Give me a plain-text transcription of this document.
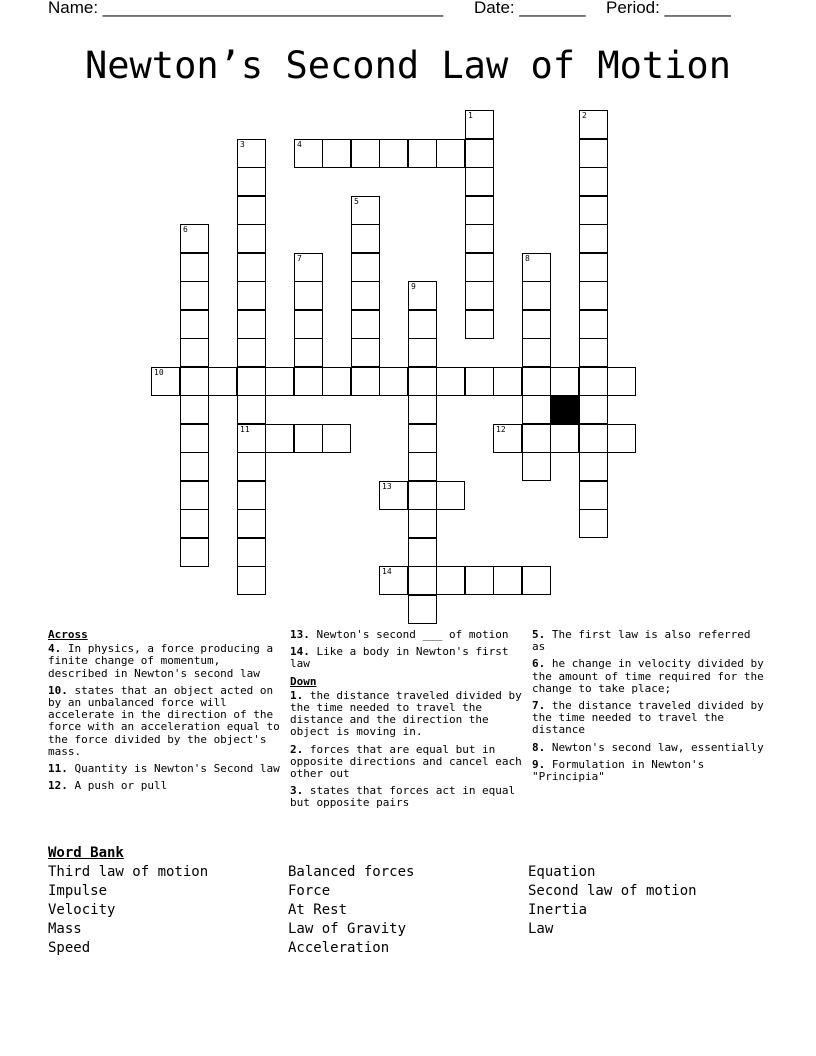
Name: ____________________________________ Date: _______ Period: _______
Newton’s Second Law of Motion
1	2
3
11
4
5
6
7	8
9
10
12
13
14
Across
4. In physics, a force producing a finite change of momentum, described in Newton's second law
10. states that an object acted on by an unbalanced force will accelerate in the direction of the force with an acceleration equal to the force divided by the object's mass.
11. Quantity is Newton's Second law
12. A push or pull
13. Newton's second ___ of motion
14. Like a body in Newton's first law
Down
1. the distance traveled divided by the time needed to travel the distance and the direction the object is moving in.
2. forces that are equal but in opposite directions and cancel each other out
3. states that forces act in equal but opposite pairs
5. The first law is also referred as
6. he change in velocity divided by the amount of time required for the change to take place;
7. the distance traveled divided by the time needed to travel the distance
8. Newton's second law, essentially
9. Formulation in Newton's "Principia"
Word Bank
Third law of motion
Impulse
Velocity
Mass
Speed
Balanced forces
Force
At Rest
Law of Gravity
Acceleration
Equation
Second law of motion
Inertia
Law
